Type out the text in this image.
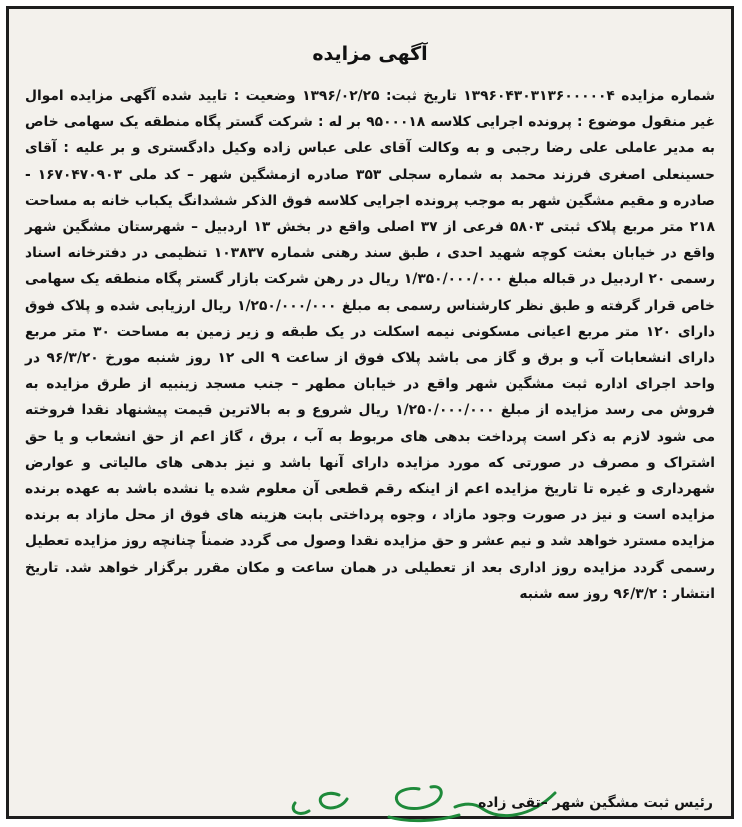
آگهی مزایده
شماره مزایده ۱۳۹۶۰۴۳۰۳۱۳۶۰۰۰۰۰۴ تاریخ ثبت: ۱۳۹۶/۰۲/۲۵ وضعیت : تایید شده آگهی مزایده اموال غیر منقول موضوع : پرونده اجرایی کلاسه ۹۵۰۰۰۱۸ بر له : شرکت گستر پگاه منطقه یک سهامی خاص به مدیر عاملی علی رضا رجبی و به وکالت آقای علی عباس زاده وکیل دادگستری و بر علیه : آقای حسینعلی اصغری فرزند محمد به شماره سجلی ۳۵۳ صادره ازمشگین شهر – کد ملی ۱۶۷۰۴۷۰۹۰۳ - صادره و مقیم مشگین شهر به موجب پرونده اجرایی کلاسه فوق الذکر ششدانگ یکباب خانه به مساحت ۲۱۸ متر مربع پلاک ثبتی ۵۸۰۳ فرعی از ۳۷ اصلی واقع در بخش ۱۳ اردبیل – شهرستان مشگین شهر واقع در خیابان بعثت کوچه شهید احدی ، طبق سند رهنی شماره ۱۰۳۸۳۷ تنظیمی در دفترخانه اسناد رسمی ۲۰ اردبیل در قباله مبلغ ۱/۳۵۰/۰۰۰/۰۰۰ ریال در رهن شرکت بازار گستر پگاه منطقه یک سهامی خاص قرار گرفته و طبق نظر کارشناس رسمی به مبلغ ۱/۲۵۰/۰۰۰/۰۰۰ ریال ارزیابی شده و پلاک فوق دارای ۱۲۰ متر مربع اعیانی مسکونی نیمه اسکلت در یک طبقه و زیر زمین به مساحت ۳۰ متر مربع دارای انشعابات آب و برق و گاز می باشد پلاک فوق از ساعت ۹ الی ۱۲ روز شنبه مورخ ۹۶/۳/۲۰ در واحد اجرای اداره ثبت مشگین شهر واقع در خیابان مطهر – جنب مسجد زینبیه از طرق مزایده به فروش می رسد مزایده از مبلغ ۱/۲۵۰/۰۰۰/۰۰۰ ریال شروع و به بالاترین قیمت پیشنهاد نقدا فروخته می شود لازم به ذکر است پرداخت بدهی های مربوط به آب ، برق ، گاز اعم از حق انشعاب و یا حق اشتراک و مصرف در صورتی که مورد مزایده دارای آنها باشد و نیز بدهی های مالیاتی و عوارض شهرداری و غیره تا تاریخ مزایده اعم از اینکه رقم قطعی آن معلوم شده یا نشده باشد به عهده برنده مزایده است و نیز در صورت وجود مازاد ، وجوه پرداختی بابت هزینه های فوق از محل مازاد به برنده مزایده مسترد خواهد شد و نیم عشر و حق مزایده نقدا وصول می گردد ضمناً چنانچه روز مزایده تعطیل رسمی گردد مزایده روز اداری بعد از تعطیلی در همان ساعت و مکان مقرر برگزار خواهد شد. تاریخ انتشار : ۹۶/۳/۲ روز سه شنبه
رئیس ثبت مشگین شهر –تقی زاده
